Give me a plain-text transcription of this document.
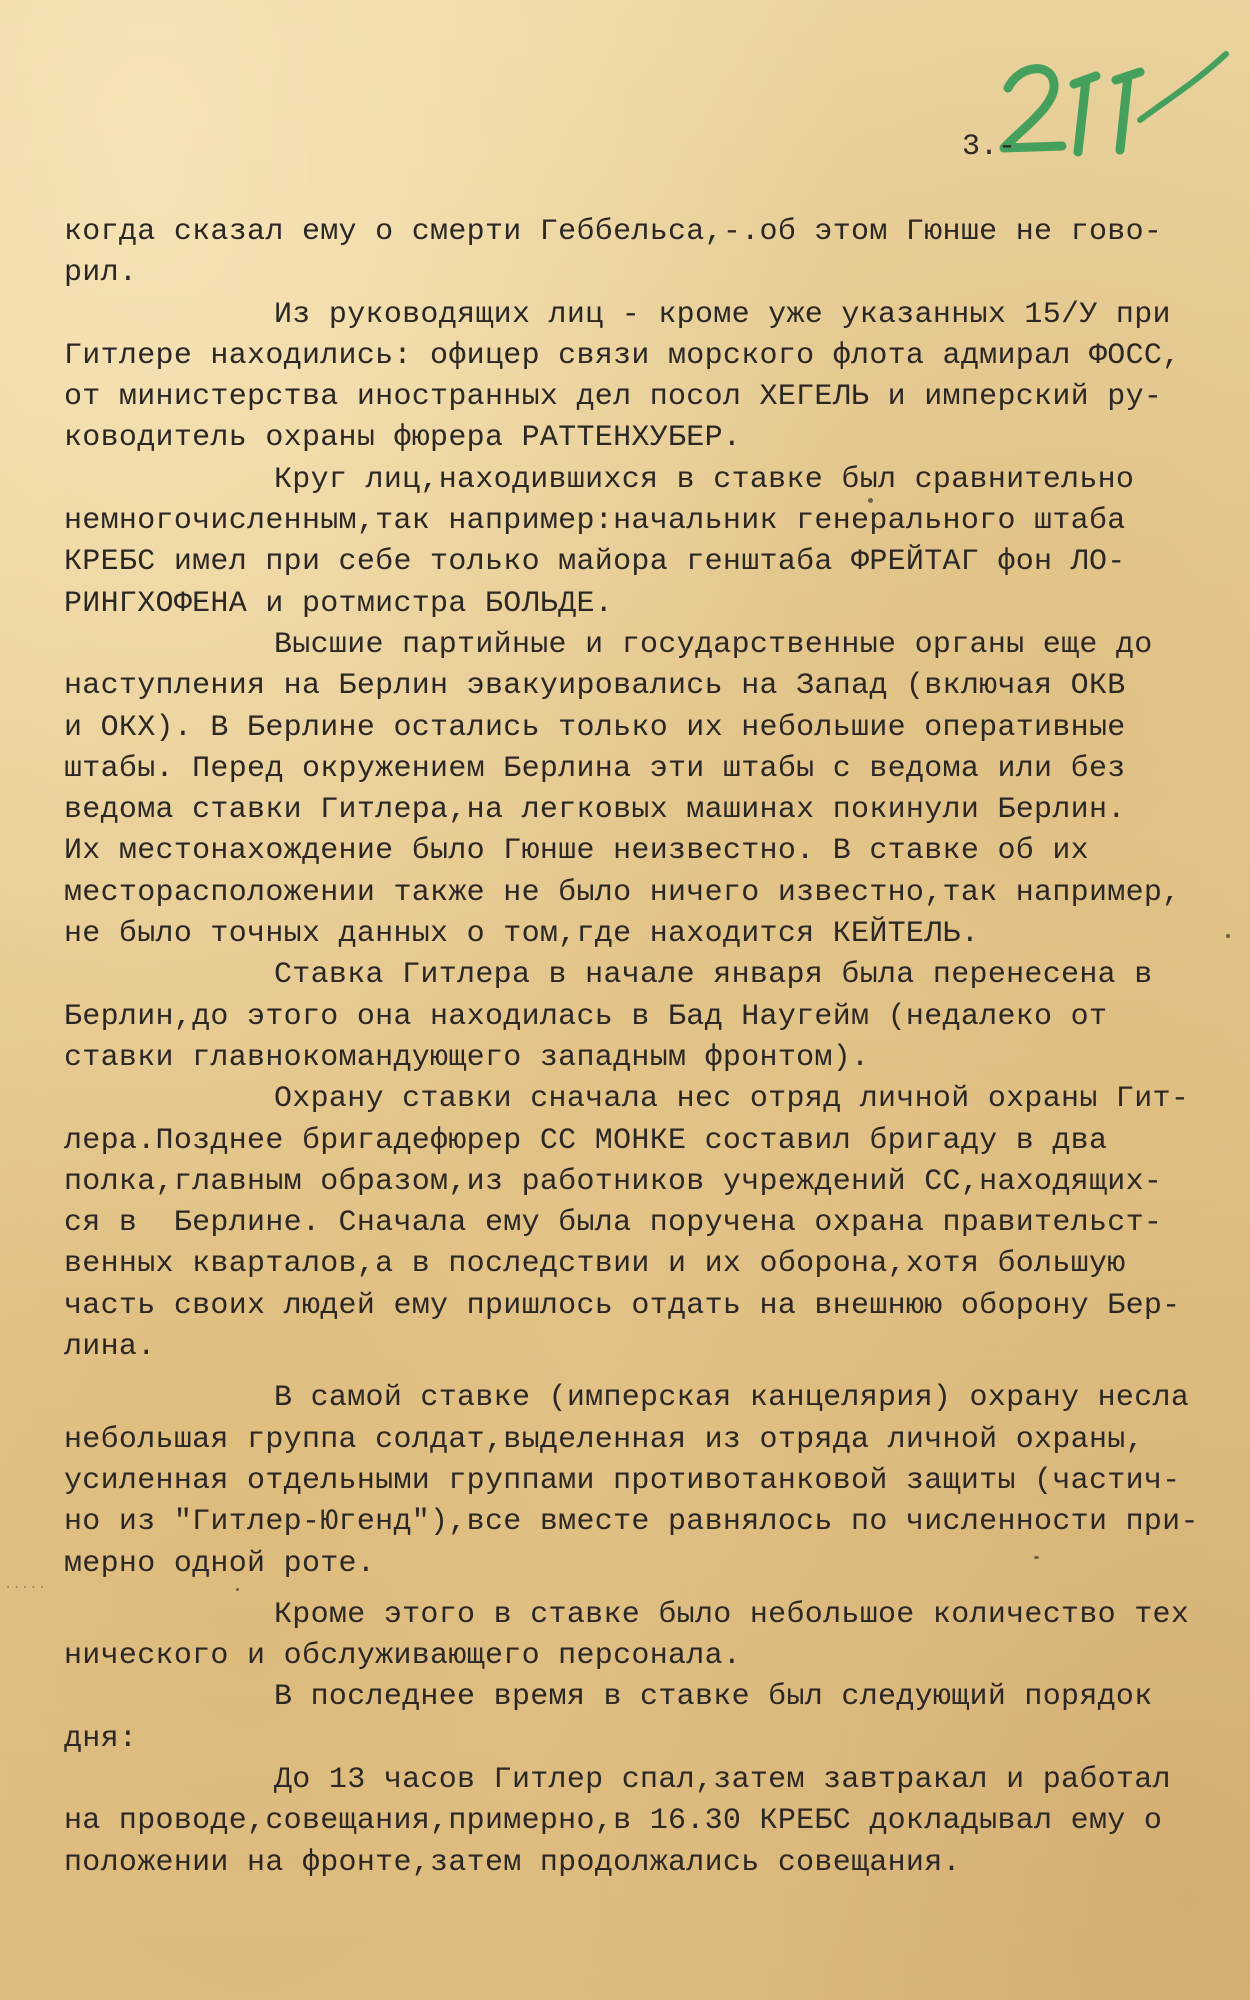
271
3.-
когда сказал ему о смерти Геббельса,-.об этом Гюнше не гово-
рил.
Из руководящих лиц - кроме уже указанных 15/У при
Гитлере находились: офицер связи морского флота адмирал ФОСС,
от министерства иностранных дел посол ХЕГЕЛЬ и имперский ру-
ководитель охраны фюрера РАТТЕНХУБЕР.
Круг лиц,находившихся в ставке был сравнительно
немногочисленным,так например:начальник генерального штаба
КРЕБС имел при себе только майора генштаба ФРЕЙТАГ фон ЛО-
РИНГХОФЕНА и ротмистра БОЛЬДЕ.
Высшие партийные и государственные органы еще до
наступления на Берлин эвакуировались на Запад (включая ОКВ
и ОКХ). В Берлине остались только их небольшие оперативные
штабы. Перед окружением Берлина эти штабы с ведома или без
ведома ставки Гитлера,на легковых машинах покинули Берлин.
Их местонахождение было Гюнше неизвестно. В ставке об их
месторасположении также не было ничего известно,так например,
не было точных данных о том,где находится КЕЙТЕЛЬ.
Ставка Гитлера в начале января была перенесена в
Берлин,до этого она находилась в Бад Наугейм (недалеко от
ставки главнокомандующего западным фронтом).
Охрану ставки сначала нес отряд личной охраны Гит-
лера.Позднее бригадефюрер СС МОНКЕ составил бригаду в два
полка,главным образом,из работников учреждений СС,находящих-
ся в  Берлине. Сначала ему была поручена охрана правительст-
венных кварталов,а в последствии и их оборона,хотя большую
часть своих людей ему пришлось отдать на внешнюю оборону Бер-
лина.
В самой ставке (имперская канцелярия) охрану несла
небольшая группа солдат,выделенная из отряда личной охраны,
усиленная отдельными группами противотанковой защиты (частич-
но из "Гитлер-Югенд"),все вместе равнялось по численности при-
мерно одной роте.
Кроме этого в ставке было небольшое количество тех
нического и обслуживающего персонала.
В последнее время в ставке был следующий порядок
дня:
До 13 часов Гитлер спал,затем завтракал и работал
на проводе,совещания,примерно,в 16.30 КРЕБС докладывал ему о
положении на фронте,затем продолжались совещания.
·····
